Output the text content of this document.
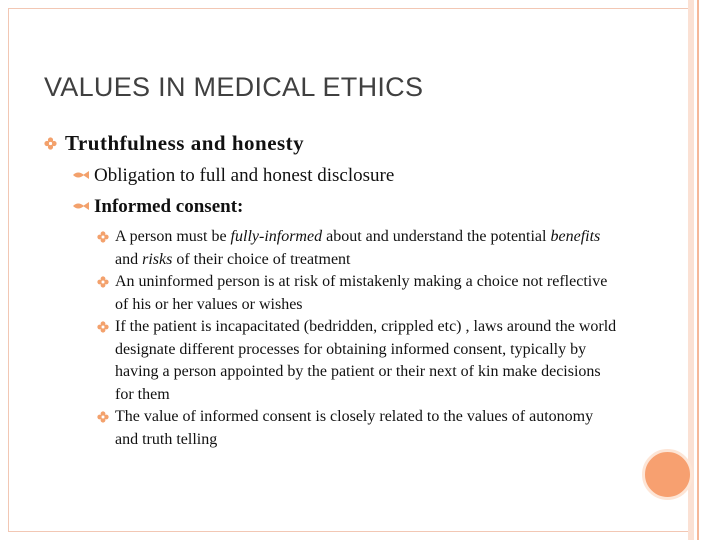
VALUES IN MEDICAL ETHICS
Truthfulness and honesty
Obligation to full and honest disclosure
Informed consent:

A person must be fully-informed about and understand the potential benefits and risks of their choice of treatment

An uninformed person is at risk of mistakenly making a choice not reflective of his or her values or wishes

If the patient is incapacitated (bedridden, crippled etc) , laws around the world designate different processes for obtaining informed consent, typically by having a person appointed by the patient or their next of kin make decisions for them

The value of informed consent is closely related to the values of autonomy and truth telling
